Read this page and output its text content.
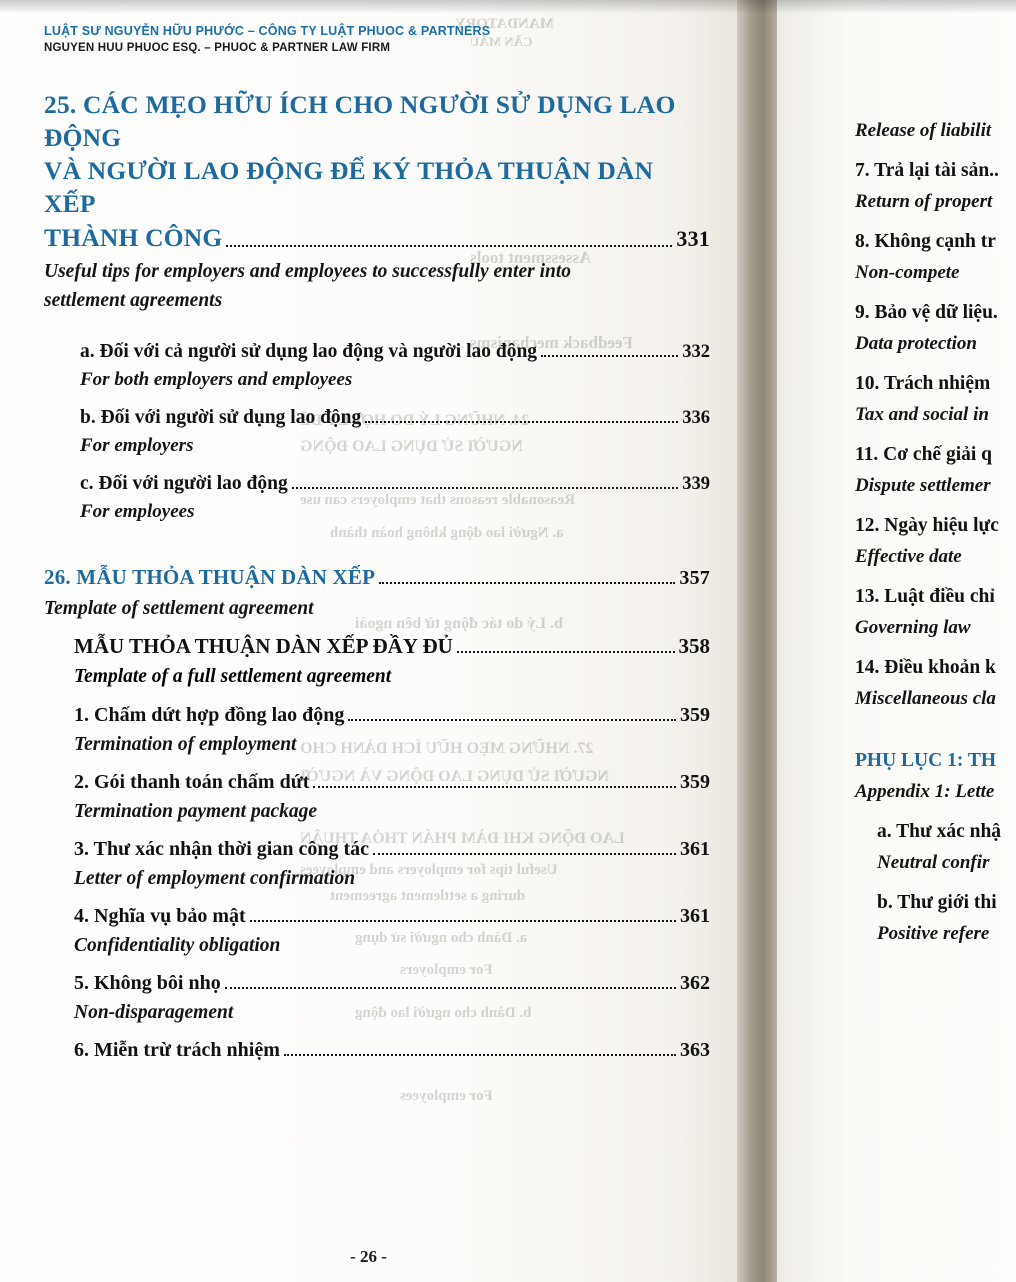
MANDATORY
CẦN MẪU
Assessment tools
Feedback mechanisms
24. NHỮNG LÝ DO HỢP LÝ ĐỂ
NGƯỜI SỬ DỤNG LAO ĐỘNG
Reasonable reasons that employers can use
a. Người lao động không hoàn thành
b. Lý do tác động từ bên ngoài
27. NHỮNG MẸO HỮU ÍCH DÀNH CHO
NGƯỜI SỬ DỤNG LAO ĐỘNG VÀ NGƯỜI
LAO ĐỘNG KHI ĐÀM PHÁN THỎA THUẬN
Useful tips for employers and employees
during a settlement agreement
a. Dành cho người sử dụng
For employers
b. Dành cho người lao động
For employees
LUẬT SƯ NGUYỄN HỮU PHƯỚC – CÔNG TY LUẬT PHUOC & PARTNERS
NGUYEN HUU PHUOC ESQ. – PHUOC & PARTNER LAW FIRM
25. CÁC MẸO HỮU ÍCH CHO NGƯỜI SỬ DỤNG LAO ĐỘNG
VÀ NGƯỜI LAO ĐỘNG ĐỂ KÝ THỎA THUẬN DÀN XẾP
THÀNH CÔNG	331
Useful tips for employers and employees to successfully enter into
settlement agreements
a. Đối với cả người sử dụng lao động và người lao động	332
For both employers and employees
b. Đối với người sử dụng lao động	336
For employers
c. Đối với người lao động	339
For employees
26. MẪU THỎA THUẬN DÀN XẾP	357
Template of settlement agreement
MẪU THỎA THUẬN DÀN XẾP ĐẦY ĐỦ	358
Template of a full settlement agreement
1. Chấm dứt hợp đồng lao động	359
Termination of employment
2. Gói thanh toán chấm dứt	359
Termination payment package
3. Thư xác nhận thời gian công tác	361
Letter of employment confirmation
4. Nghĩa vụ bảo mật	361
Confidentiality obligation
5. Không bôi nhọ	362
Non-disparagement
6. Miễn trừ trách nhiệm	363
Release of liabilit
7. Trả lại tài sản..
Return of propert
8. Không cạnh tr
Non-compete
9. Bảo vệ dữ liệu.
Data protection
10. Trách nhiệm
Tax and social in
11. Cơ chế giải q
Dispute settlemer
12. Ngày hiệu lực
Effective date
13. Luật điều chỉ
Governing law
14. Điều khoản k
Miscellaneous cla
PHỤ LỤC 1: TH
Appendix 1: Lette
a. Thư xác nhậ
Neutral confir
b. Thư giới thi
Positive refere
- 26 -
